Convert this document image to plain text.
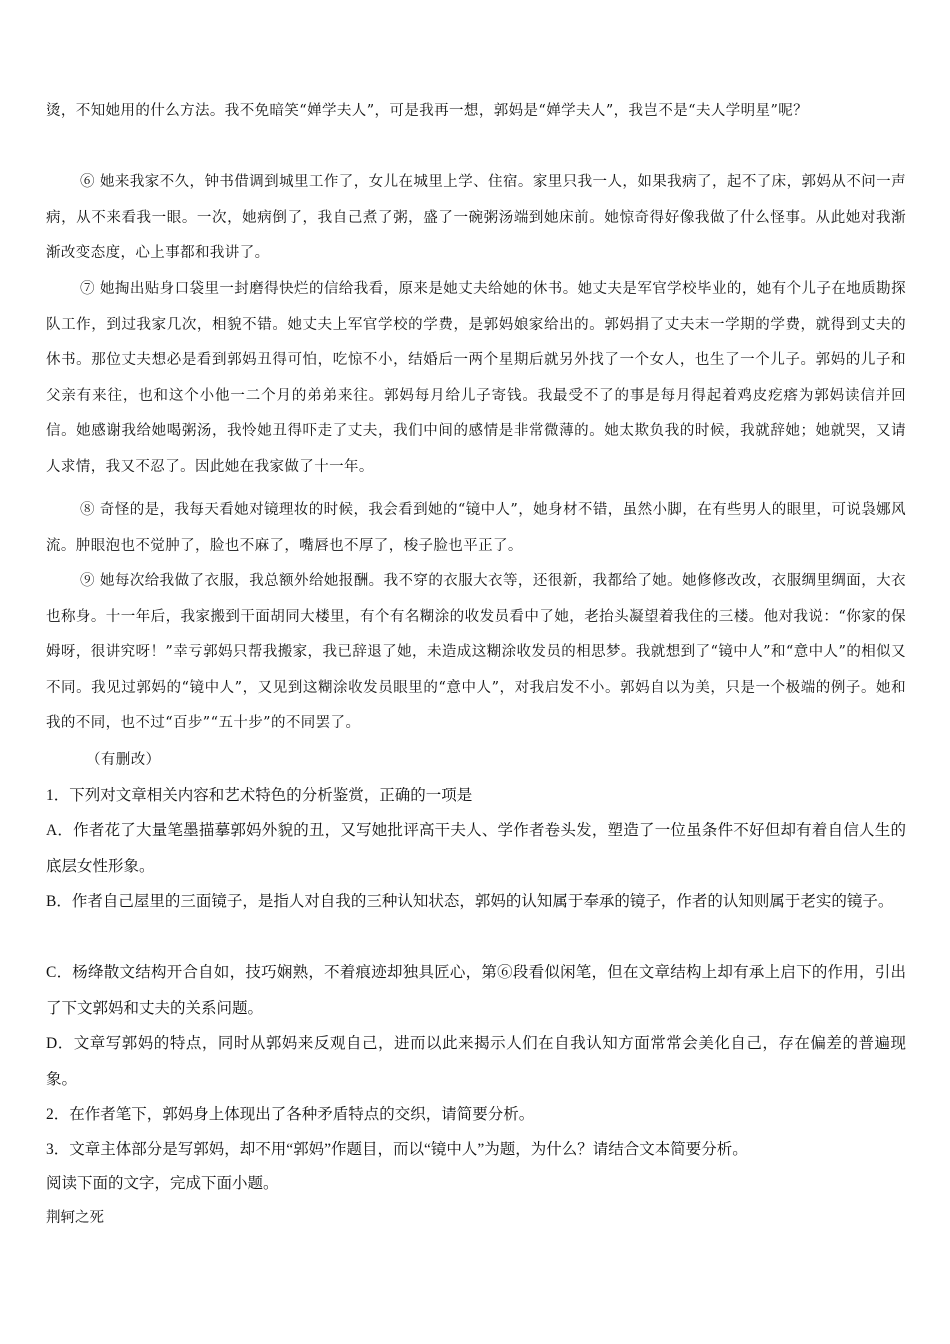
烫，不知她用的什么方法。我不免暗笑“婵学夫人”，可是我再一想，郭妈是“婵学夫人”，我岂不是“夫人学明星”呢？

⑥ 她来我家不久，钟书借调到城里工作了，女儿在城里上学、住宿。家里只我一人，如果我病了，起不了床，郭妈从不问一声病，从不来看我一眼。一次，她病倒了，我自己煮了粥，盛了一碗粥汤端到她床前。她惊奇得好像我做了什么怪事。从此她对我渐渐改变态度，心上事都和我讲了。

⑦ 她掏出贴身口袋里一封磨得快烂的信给我看，原来是她丈夫给她的休书。她丈夫是军官学校毕业的，她有个儿子在地质勘探队工作，到过我家几次，相貌不错。她丈夫上军官学校的学费，是郭妈娘家给出的。郭妈捐了丈夫末一学期的学费，就得到丈夫的休书。那位丈夫想必是看到郭妈丑得可怕，吃惊不小，结婚后一两个星期后就另外找了一个女人，也生了一个儿子。郭妈的儿子和父亲有来往，也和这个小他一二个月的弟弟来往。郭妈每月给儿子寄钱。我最受不了的事是每月得起着鸡皮疙瘩为郭妈读信并回信。她感谢我给她喝粥汤，我怜她丑得吓走了丈夫，我们中间的感情是非常微薄的。她太欺负我的时候，我就辞她；她就哭，又请人求情，我又不忍了。因此她在我家做了十一年。

⑧ 奇怪的是，我每天看她对镜理妆的时候，我会看到她的“镜中人”，她身材不错，虽然小脚，在有些男人的眼里，可说袅娜风流。肿眼泡也不觉肿了，脸也不麻了，嘴唇也不厚了，梭子脸也平正了。

⑨ 她每次给我做了衣服，我总额外给她报酬。我不穿的衣服大衣等，还很新，我都给了她。她修修改改，衣服绸里绸面，大衣也称身。十一年后，我家搬到干面胡同大楼里，有个有名糊涂的收发员看中了她，老抬头凝望着我住的三楼。他对我说：“你家的保姆呀，很讲究呀！”幸亏郭妈只帮我搬家，我已辞退了她，未造成这糊涂收发员的相思梦。我就想到了“镜中人”和“意中人”的相似又不同。我见过郭妈的“镜中人”，又见到这糊涂收发员眼里的“意中人”，对我启发不小。郭妈自以为美，只是一个极端的例子。她和我的不同，也不过“百步”“五十步”的不同罢了。

（有删改）

1．下列对文章相关内容和艺术特色的分析鉴赏，正确的一项是

A．作者花了大量笔墨描摹郭妈外貌的丑，又写她批评高干夫人、学作者卷头发，塑造了一位虽条件不好但却有着自信人生的底层女性形象。

B．作者自己屋里的三面镜子，是指人对自我的三种认知状态，郭妈的认知属于奉承的镜子，作者的认知则属于老实的镜子。

C．杨绛散文结构开合自如，技巧娴熟，不着痕迹却独具匠心，第⑥段看似闲笔，但在文章结构上却有承上启下的作用，引出了下文郭妈和丈夫的关系问题。

D．文章写郭妈的特点，同时从郭妈来反观自己，进而以此来揭示人们在自我认知方面常常会美化自己，存在偏差的普遍现象。

2．在作者笔下，郭妈身上体现出了各种矛盾特点的交织，请简要分析。

3．文章主体部分是写郭妈，却不用“郭妈”作题目，而以“镜中人”为题，为什么？请结合文本简要分析。

阅读下面的文字，完成下面小题。

荆轲之死
